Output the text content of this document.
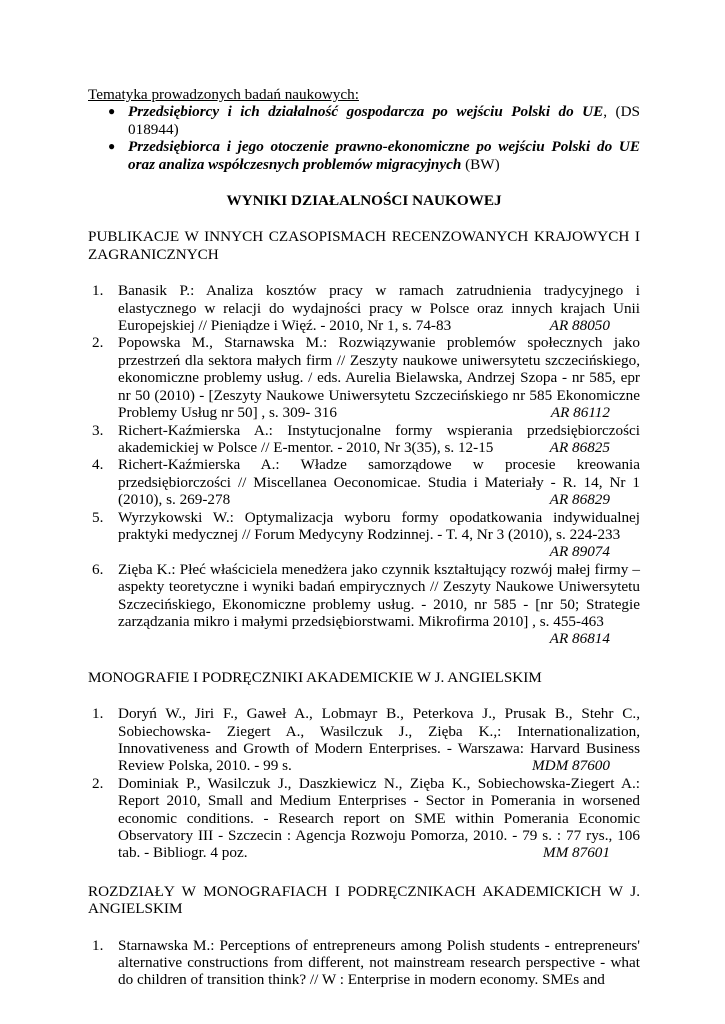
Tematyka prowadzonych badań naukowych:
● Przedsiębiorcy i ich działalność gospodarcza po wejściu Polski do UE, (DS 018944)
● Przedsiębiorca i jego otoczenie prawno-ekonomiczne po wejściu Polski do UE oraz analiza współczesnych problemów migracyjnych (BW)
WYNIKI DZIAŁALNOŚCI NAUKOWEJ
PUBLIKACJE W INNYCH CZASOPISMACH RECENZOWANYCH KRAJOWYCH I ZAGRANICZNYCH
1. Banasik P.: Analiza kosztów pracy w ramach zatrudnienia tradycyjnego i elastycznego w relacji do wydajności pracy w Polsce oraz innych krajach Unii Europejskiej // Pieniądze i Więź. - 2010, Nr 1, s. 74-83	AR 88050
2. Popowska M., Starnawska M.: Rozwiązywanie problemów społecznych jako przestrzeń dla sektora małych firm // Zeszyty naukowe uniwersytetu szczecińskiego, ekonomiczne problemy usług. / eds. Aurelia Bielawska, Andrzej Szopa - nr 585, epr nr 50 (2010) - [Zeszyty Naukowe Uniwersytetu Szczecińskiego nr 585 Ekonomiczne Problemy Usług nr 50] , s. 309- 316	AR 86112
3. Richert-Kaźmierska A.: Instytucjonalne formy wspierania przedsiębiorczości akademickiej w Polsce // E-mentor. - 2010, Nr 3(35), s. 12-15	AR 86825
4. Richert-Kaźmierska A.: Władze samorządowe w procesie kreowania przedsiębiorczości // Miscellanea Oeconomicae. Studia i Materiały - R. 14, Nr 1 (2010), s. 269-278	AR 86829
5. Wyrzykowski W.: Optymalizacja wyboru formy opodatkowania indywidualnej praktyki medycznej // Forum Medycyny Rodzinnej. - T. 4, Nr 3 (2010), s. 224-233
AR 89074
6. Zięba K.: Płeć właściciela menedżera jako czynnik kształtujący rozwój małej firmy – aspekty teoretyczne i wyniki badań empirycznych // Zeszyty Naukowe Uniwersytetu Szczecińskiego, Ekonomiczne problemy usług. - 2010, nr 585 - [nr 50; Strategie zarządzania mikro i małymi przedsiębiorstwami. Mikrofirma 2010] , s. 455-463
AR 86814
MONOGRAFIE I PODRĘCZNIKI AKADEMICKIE W J. ANGIELSKIM
1. Doryń W., Jiri F., Gaweł A., Lobmayr B., Peterkova J., Prusak B., Stehr C., Sobiechowska- Ziegert A., Wasilczuk J., Zięba K.,: Internationalization, Innovativeness and Growth of Modern Enterprises. - Warszawa: Harvard Business Review Polska, 2010. - 99 s.	MDM 87600
2. Dominiak P., Wasilczuk J., Daszkiewicz N., Zięba K., Sobiechowska-Ziegert A.: Report 2010, Small and Medium Enterprises - Sector in Pomerania in worsened economic conditions. - Research report on SME within Pomerania Economic Observatory III - Szczecin : Agencja Rozwoju Pomorza, 2010. - 79 s. : 77 rys., 106 tab. - Bibliogr. 4 poz.	MM 87601
ROZDZIAŁY W MONOGRAFIACH I PODRĘCZNIKACH AKADEMICKICH W J. ANGIELSKIM
1. Starnawska M.: Perceptions of entrepreneurs among Polish students - entrepreneurs' alternative constructions from different, not mainstream research perspective - what do children of transition think? // W : Enterprise in modern economy. SMEs and
